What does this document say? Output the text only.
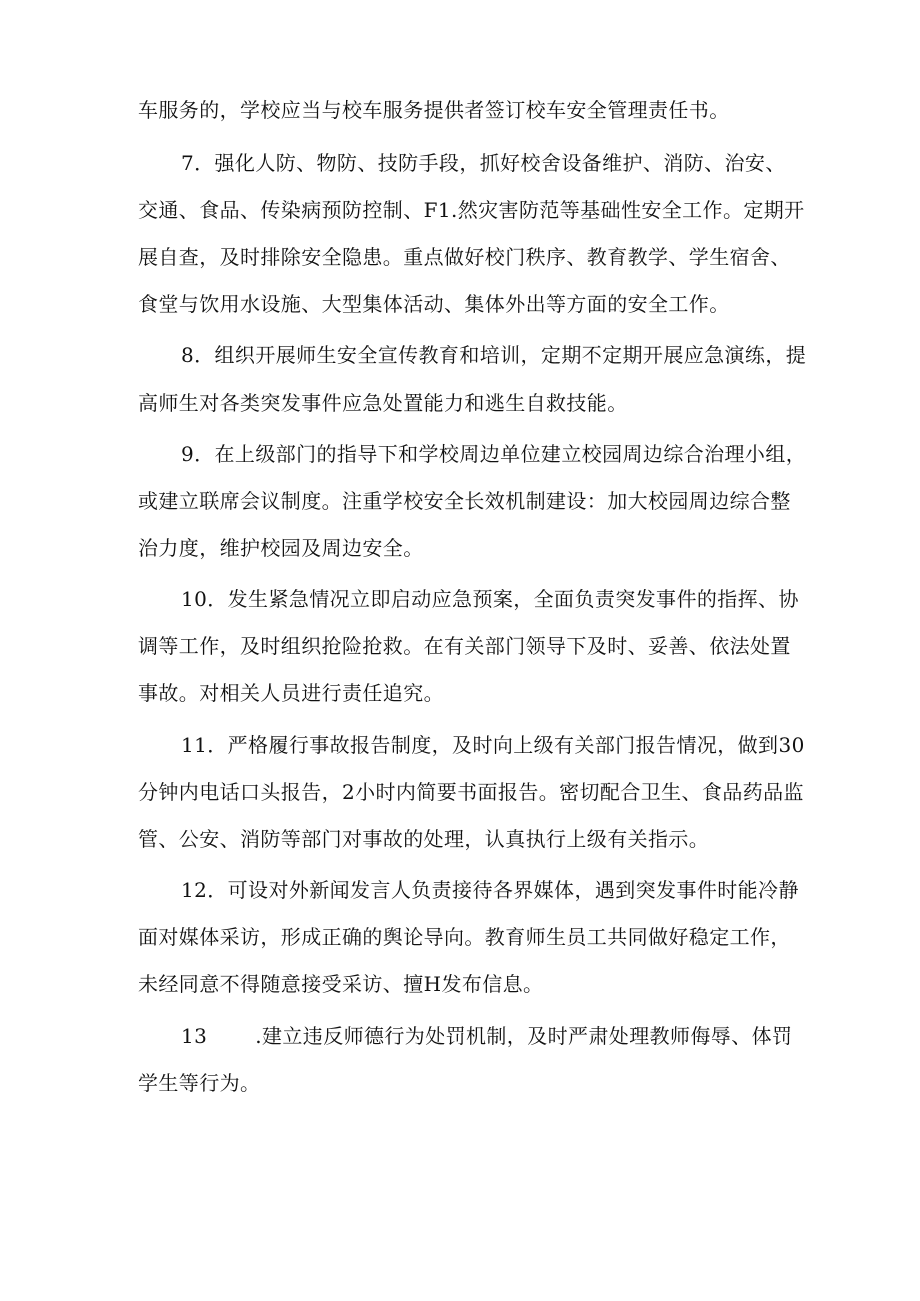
车服务的，学校应当与校车服务提供者签订校车安全管理责任书。
7．强化人防、物防、技防手段，抓好校舍设备维护、消防、治安、
交通、食品、传染病预防控制、F1.然灾害防范等基础性安全工作。定期开
展自查，及时排除安全隐患。重点做好校门秩序、教育教学、学生宿舍、
食堂与饮用水设施、大型集体活动、集体外出等方面的安全工作。
8．组织开展师生安全宣传教育和培训，定期不定期开展应急演练，提
高师生对各类突发事件应急处置能力和逃生自救技能。
9．在上级部门的指导下和学校周边单位建立校园周边综合治理小组，
或建立联席会议制度。注重学校安全长效机制建设：加大校园周边综合整
治力度，维护校园及周边安全。
10．发生紧急情况立即启动应急预案，全面负责突发事件的指挥、协
调等工作，及时组织抢险抢救。在有关部门领导下及时、妥善、依法处置
事故。对相关人员进行责任追究。
11．严格履行事故报告制度，及时向上级有关部门报告情况，做到30
分钟内电话口头报告，2小时内简要书面报告。密切配合卫生、食品药品监
管、公安、消防等部门对事故的处理，认真执行上级有关指示。
12．可设对外新闻发言人负责接待各界媒体，遇到突发事件时能冷静
面对媒体采访，形成正确的舆论导向。教育师生员工共同做好稳定工作，
未经同意不得随意接受采访、擅H发布信息。
13 .建立违反师德行为处罚机制，及时严肃处理教师侮辱、体罚
学生等行为。
